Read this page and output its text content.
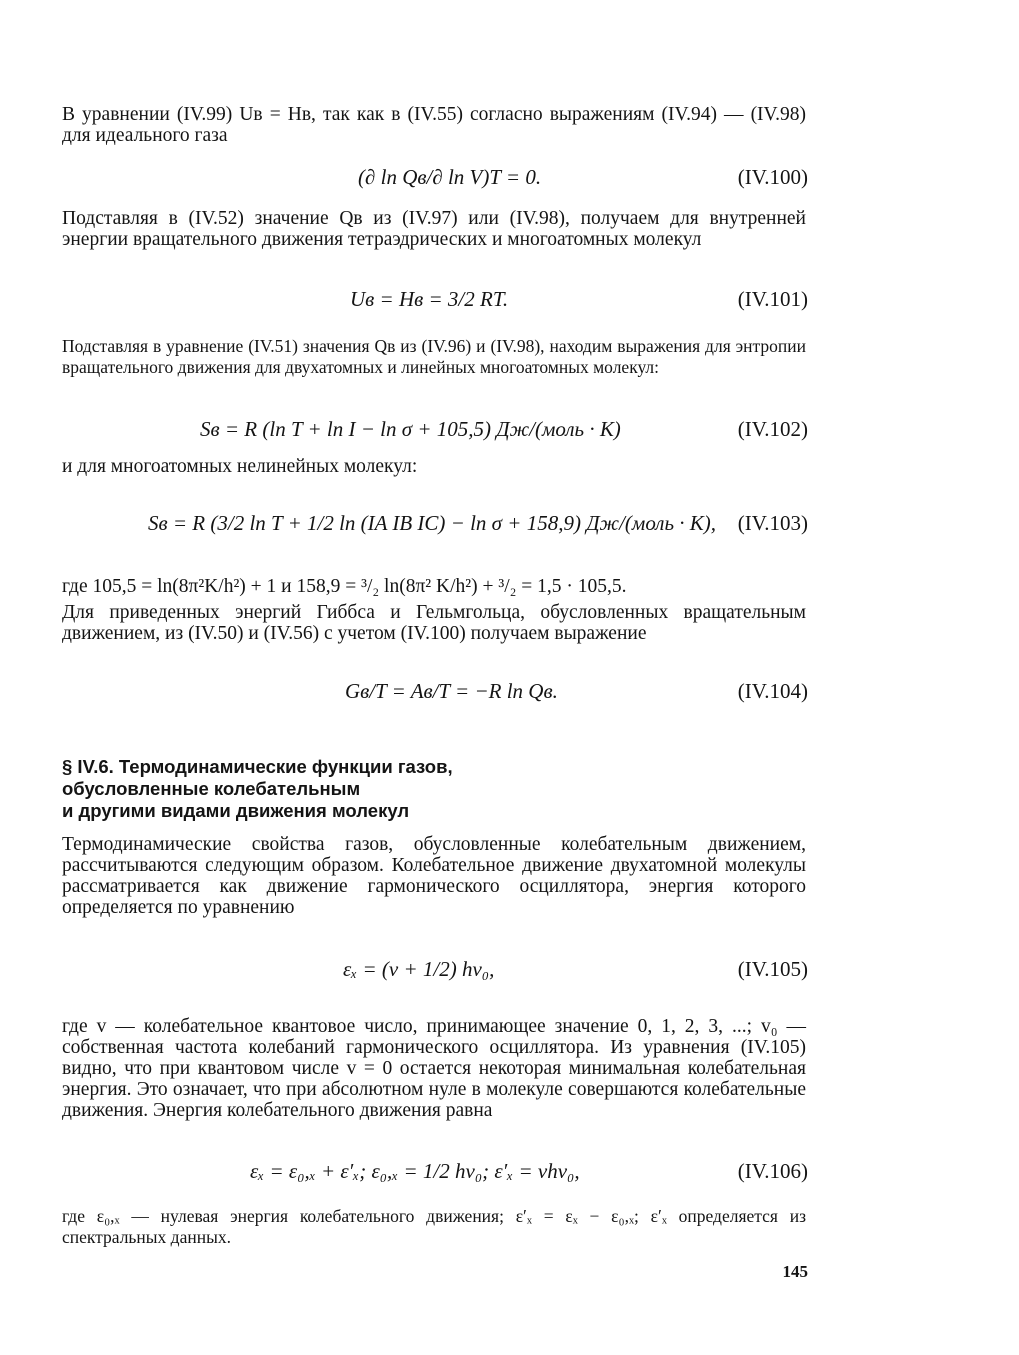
В уравнении (IV.99) Uв = Hв, так как в (IV.55) согласно выражениям (IV.94) — (IV.98) для идеального газа

(∂ ln Qв/∂ ln V)T = 0.	(IV.100)

Подставляя в (IV.52) значение Qв из (IV.97) или (IV.98), получаем для внутренней энергии вращательного движения тетраэдрических и многоатомных молекул

Uв = Hв = 3/2 RT.	(IV.101)

Подставляя в уравнение (IV.51) значения Qв из (IV.96) и (IV.98), находим выражения для энтропии вращательного движения для двухатомных и линейных многоатомных молекул:

Sв = R (ln T + ln I − ln σ + 105,5) Дж/(моль · К)	(IV.102)

и для многоатомных нелинейных молекул:

Sв = R (3/2 ln T + 1/2 ln (IA IB IC) − ln σ + 158,9) Дж/(моль · К), (IV.103)

где 105,5 = ln(8π²K/h²) + 1 и 158,9 = ³/₂ ln(8π² K/h²) + ³/₂ = 1,5 · 105,5.

Для приведенных энергий Гиббса и Гельмгольца, обусловленных вращательным движением, из (IV.50) и (IV.56) с учетом (IV.100) получаем выражение

Gв/T = Aв/T = −R ln Qв.	(IV.104)
§ IV.6. Термодинамические функции газов,
обусловленные колебательным
и другими видами движения молекул

Термодинамические свойства газов, обусловленные колебательным движением, рассчитываются следующим образом. Колебательное движение двухатомной молекулы рассматривается как движение гармонического осциллятора, энергия которого определяется по уравнению

εₓ = (v + 1/2) hv₀,	(IV.105)

где v — колебательное квантовое число, принимающее значение 0, 1, 2, 3, ...; v₀ — собственная частота колебаний гармонического осциллятора. Из уравнения (IV.105) видно, что при квантовом числе v = 0 остается некоторая минимальная колебательная энергия. Это означает, что при абсолютном нуле в молекуле совершаются колебательные движения. Энергия колебательного движения равна

εₓ = ε₀,ₓ + ε′ₓ; ε₀,ₓ = 1/2 hv₀; ε′ₓ = vhv₀,	(IV.106)

где ε₀,ₓ — нулевая энергия колебательного движения; ε′ₓ = εₓ − ε₀,ₓ; ε′ₓ определяется из спектральных данных.

145
